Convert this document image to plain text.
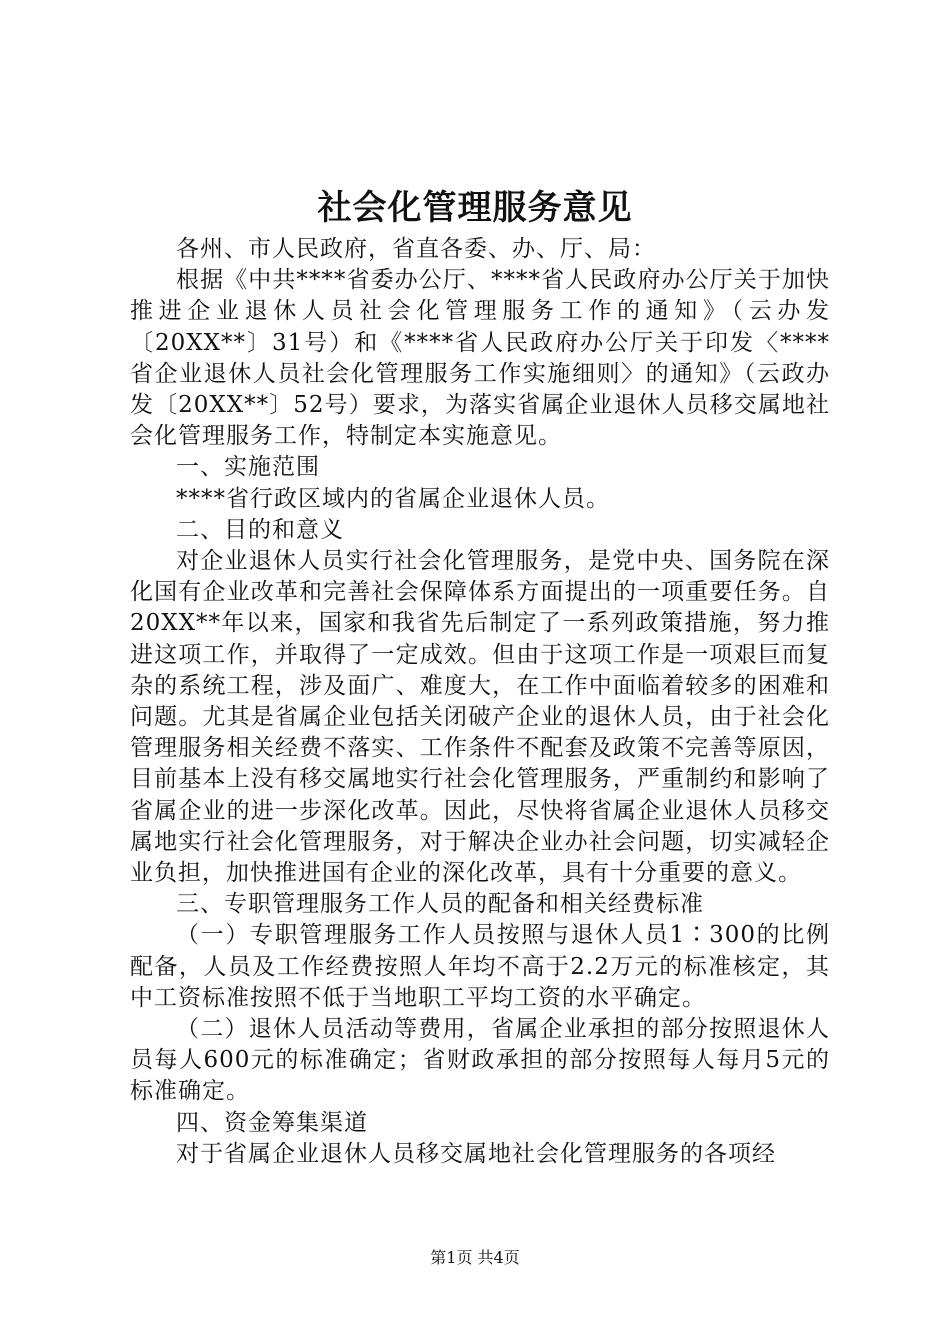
社会化管理服务意见

各州、市人民政府，省直各委、办、厅、局：

根据《中共****省委办公厅、****省人民政府办公厅关于加快推进企业退休人员社会化管理服务工作的通知》（云办发〔20XX**〕31号）和《****省人民政府办公厅关于印发〈****省企业退休人员社会化管理服务工作实施细则〉的通知》（云政办发〔20XX**〕52号）要求，为落实省属企业退休人员移交属地社会化管理服务工作，特制定本实施意见。

一、实施范围

****省行政区域内的省属企业退休人员。

二、目的和意义

对企业退休人员实行社会化管理服务，是党中央、国务院在深化国有企业改革和完善社会保障体系方面提出的一项重要任务。自20XX**年以来，国家和我省先后制定了一系列政策措施，努力推进这项工作，并取得了一定成效。但由于这项工作是一项艰巨而复杂的系统工程，涉及面广、难度大，在工作中面临着较多的困难和问题。尤其是省属企业包括关闭破产企业的退休人员，由于社会化管理服务相关经费不落实、工作条件不配套及政策不完善等原因，目前基本上没有移交属地实行社会化管理服务，严重制约和影响了省属企业的进一步深化改革。因此，尽快将省属企业退休人员移交属地实行社会化管理服务，对于解决企业办社会问题，切实减轻企业负担，加快推进国有企业的深化改革，具有十分重要的意义。

三、专职管理服务工作人员的配备和相关经费标准

（一）专职管理服务工作人员按照与退休人员1∶300的比例配备，人员及工作经费按照人年均不高于2.2万元的标准核定，其中工资标准按照不低于当地职工平均工资的水平确定。

（二）退休人员活动等费用，省属企业承担的部分按照退休人员每人600元的标准确定；省财政承担的部分按照每人每月5元的标准确定。

四、资金筹集渠道

对于省属企业退休人员移交属地社会化管理服务的各项经

第1页 共4页
